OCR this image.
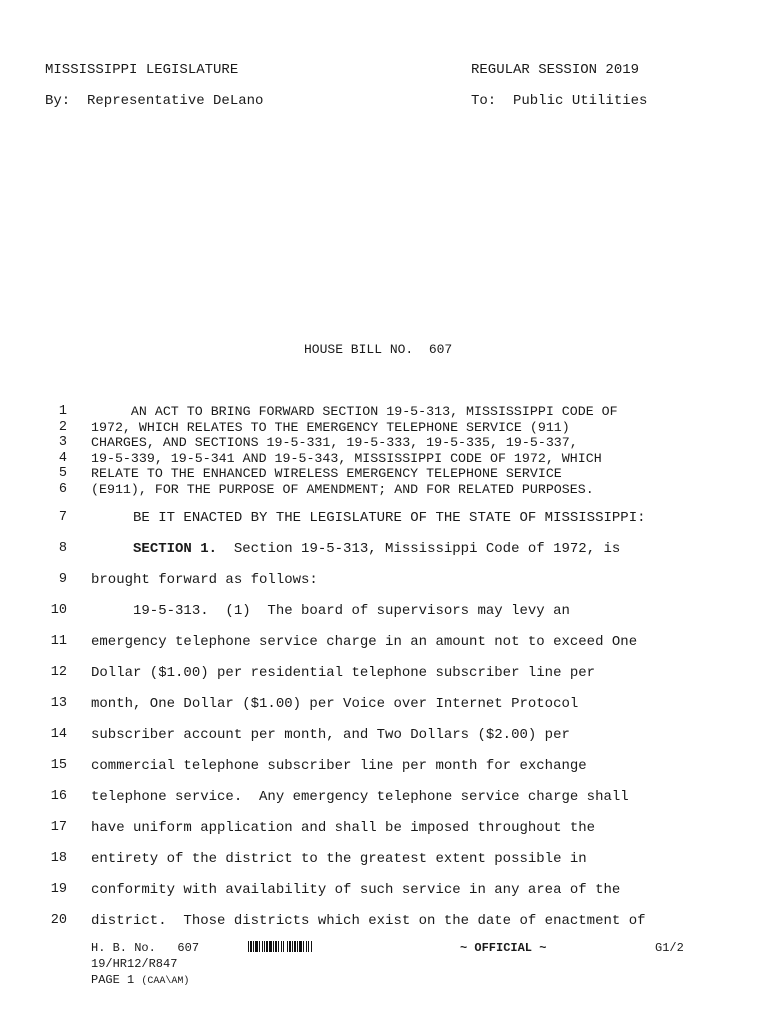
MISSISSIPPI LEGISLATURE	REGULAR SESSION 2019
By:  Representative DeLano	To:  Public Utilities
HOUSE BILL NO.  607
1 AN ACT TO BRING FORWARD SECTION 19-5-313, MISSISSIPPI CODE OF
2 1972, WHICH RELATES TO THE EMERGENCY TELEPHONE SERVICE (911)
3 CHARGES, AND SECTIONS 19-5-331, 19-5-333, 19-5-335, 19-5-337,
4 19-5-339, 19-5-341 AND 19-5-343, MISSISSIPPI CODE OF 1972, WHICH
5 RELATE TO THE ENHANCED WIRELESS EMERGENCY TELEPHONE SERVICE
6 (E911), FOR THE PURPOSE OF AMENDMENT; AND FOR RELATED PURPOSES.
7 BE IT ENACTED BY THE LEGISLATURE OF THE STATE OF MISSISSIPPI:
8	SECTION 1.  Section 19-5-313, Mississippi Code of 1972, is
9 brought forward as follows:
10 19-5-313.  (1)  The board of supervisors may levy an
11 emergency telephone service charge in an amount not to exceed One
12 Dollar ($1.00) per residential telephone subscriber line per
13 month, One Dollar ($1.00) per Voice over Internet Protocol
14 subscriber account per month, and Two Dollars ($2.00) per
15 commercial telephone subscriber line per month for exchange
16 telephone service.  Any emergency telephone service charge shall
17 have uniform application and shall be imposed throughout the
18 entirety of the district to the greatest extent possible in
19 conformity with availability of such service in any area of the
20 district.  Those districts which exist on the date of enactment of
H. B. No.   607	~ OFFICIAL ~	G1/2
19/HR12/R847
PAGE 1 (CAA\AM)
